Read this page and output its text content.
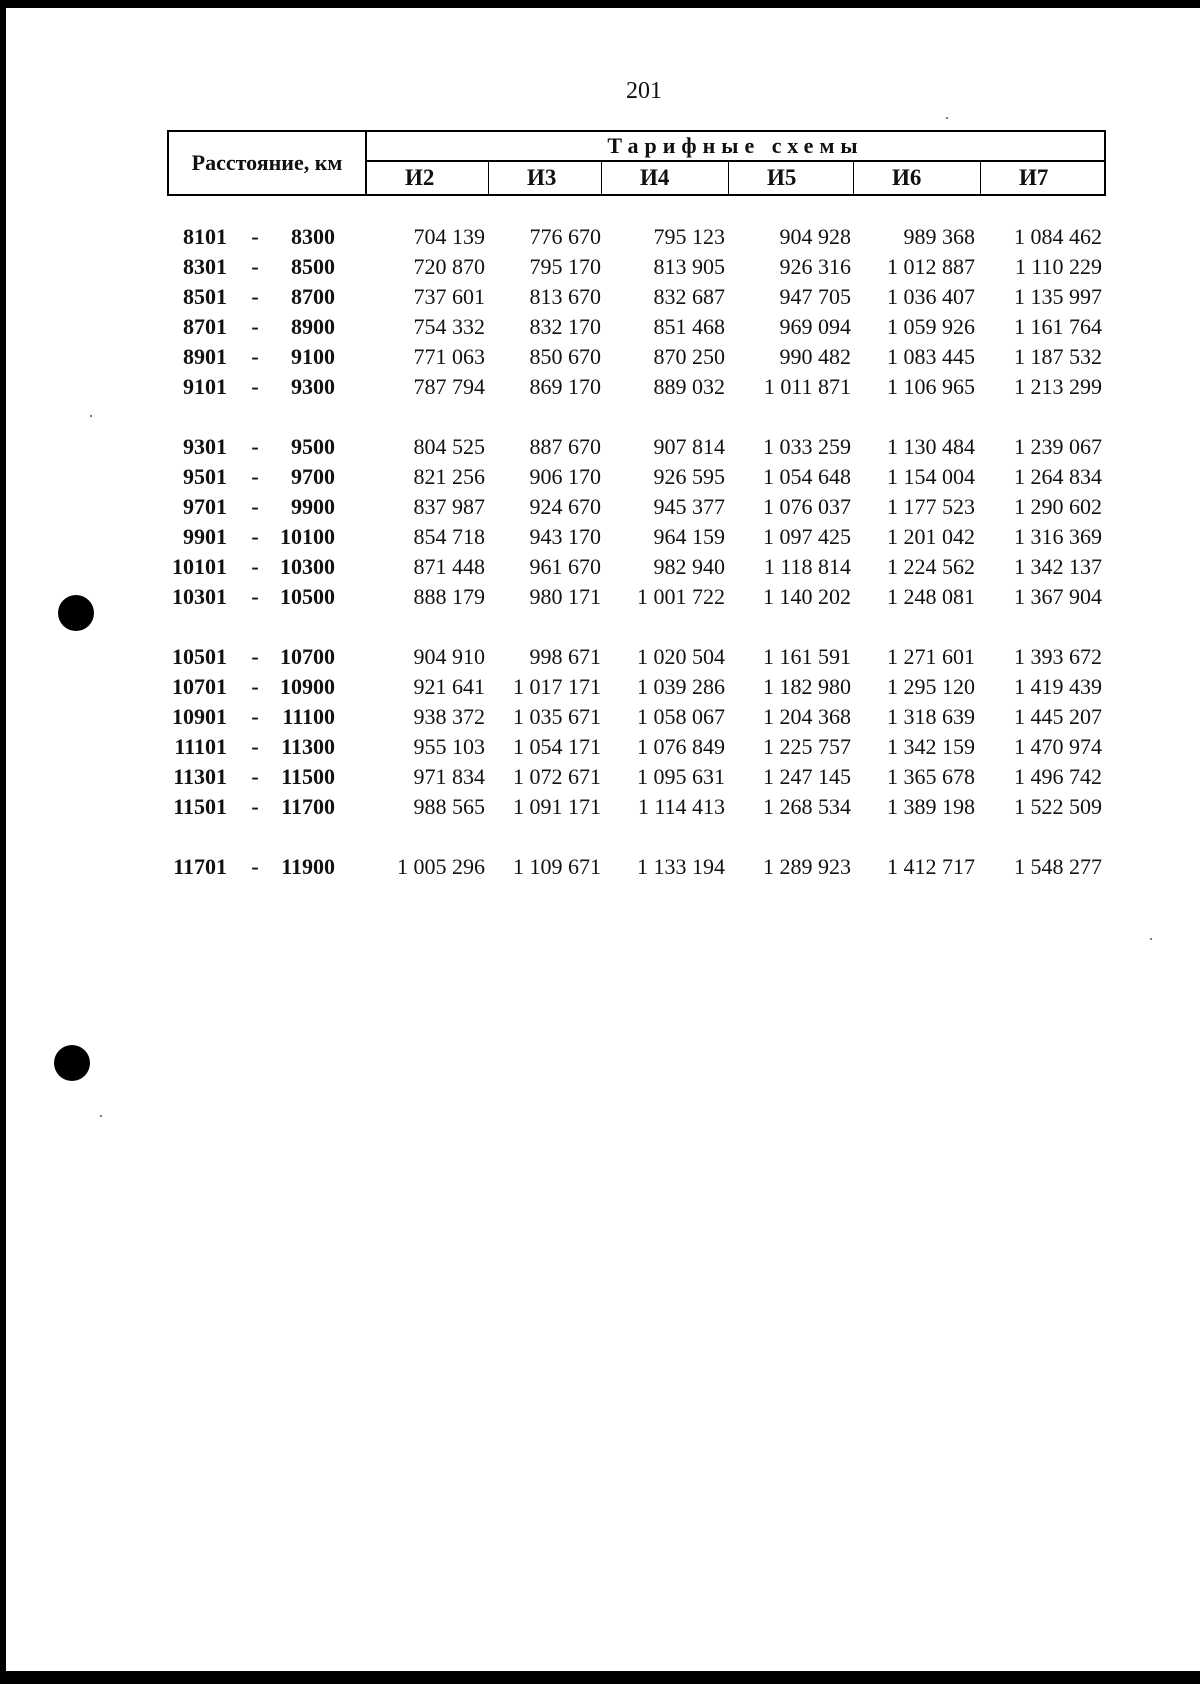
201
Расстояние, км
Тарифные схемы
И2	И3	И4	И5	И6	И7
8101 -	8300	704 139	776 670	795 123	904 928	989 368	1 084 462
8301 -	8500	720 870	795 170	813 905	926 316	1 012 887	1 110 229
8501 -	8700	737 601	813 670	832 687	947 705	1 036 407	1 135 997
8701 -	8900	754 332	832 170	851 468	969 094	1 059 926	1 161 764
8901 -	9100	771 063	850 670	870 250	990 482	1 083 445	1 187 532
9101 -	9300	787 794	869 170	889 032	1 011 871	1 106 965	1 213 299
9301 -	9500	804 525	887 670	907 814	1 033 259	1 130 484	1 239 067
9501 -	9700	821 256	906 170	926 595	1 054 648	1 154 004	1 264 834
9701 -	9900	837 987	924 670	945 377	1 076 037	1 177 523	1 290 602
9901 - 10100	854 718	943 170	964 159	1 097 425	1 201 042	1 316 369
10101 - 10300	871 448	961 670	982 940	1 118 814	1 224 562	1 342 137
10301 - 10500	888 179	980 171	1 001 722	1 140 202	1 248 081	1 367 904
10501 - 10700	904 910	998 671	1 020 504	1 161 591	1 271 601	1 393 672
10701 - 10900	921 641	1 017 171	1 039 286	1 182 980	1 295 120	1 419 439
10901 -	11100	938 372	1 035 671	1 058 067	1 204 368	1 318 639	1 445 207
11101 -	11300	955 103	1 054 171	1 076 849	1 225 757	1 342 159	1 470 974
11301 -	11500	971 834	1 072 671	1 095 631	1 247 145	1 365 678	1 496 742
11501 -	11700	988 565	1 091 171	1 114 413	1 268 534	1 389 198	1 522 509
11701 -	11900	1 005 296	1 109 671	1 133 194	1 289 923	1 412 717	1 548 277
